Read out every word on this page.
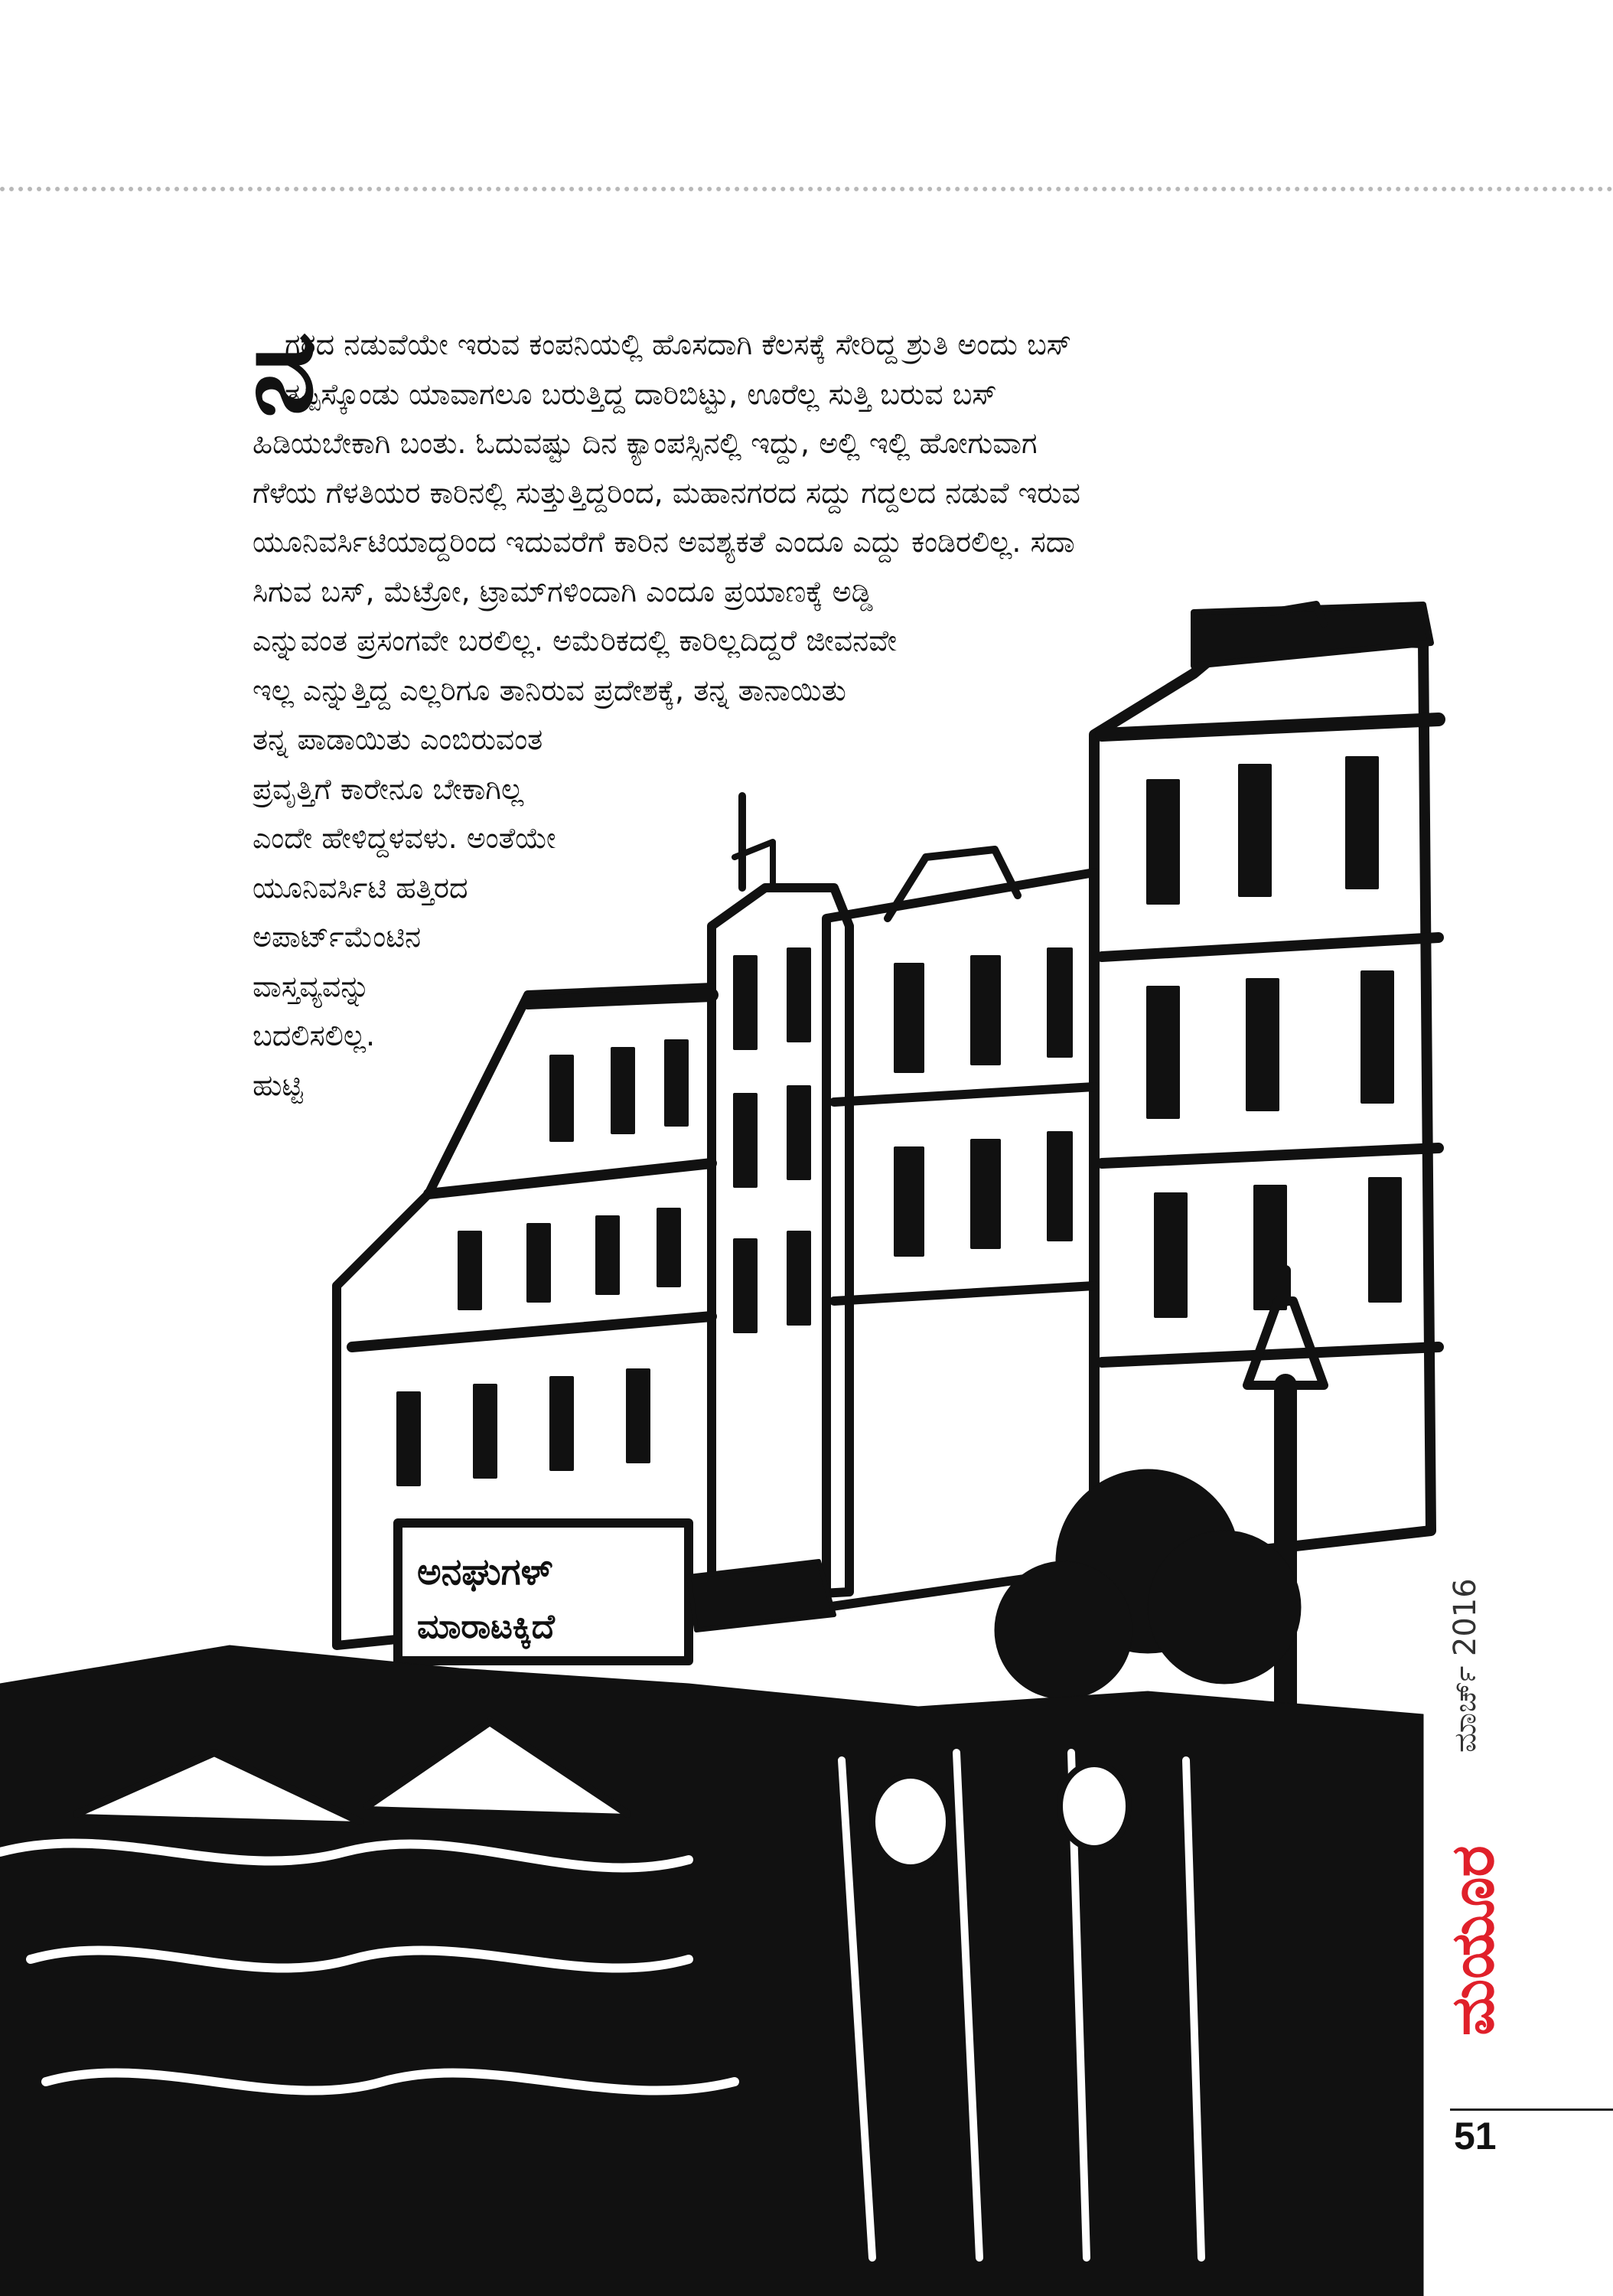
ಅನಘುಗಳ್
ಮಾರಾಟಕ್ಕಿದೆ
ನ
ಗರದ ನಡುವೆಯೇ ಇರುವ ಕಂಪನಿಯಲ್ಲಿ ಹೊಸದಾಗಿ ಕೆಲಸಕ್ಕೆ ಸೇರಿದ್ದ ಶ್ರುತಿ ಅಂದು ಬಸ್
ತಪ್ಪಿಸ್ಕೊಂಡು ಯಾವಾಗಲೂ ಬರುತ್ತಿದ್ದ ದಾರಿಬಿಟ್ಟು, ಊರೆಲ್ಲ ಸುತ್ತಿ ಬರುವ ಬಸ್
ಹಿಡಿಯಬೇಕಾಗಿ ಬಂತು. ಓದುವಷ್ಟು ದಿನ ಕ್ಯಾಂಪಸ್ಸಿನಲ್ಲಿ ಇದ್ದು, ಅಲ್ಲಿ ಇಲ್ಲಿ ಹೋಗುವಾಗ
ಗೆಳೆಯ ಗೆಳತಿಯರ ಕಾರಿನಲ್ಲಿ ಸುತ್ತುತ್ತಿದ್ದರಿಂದ, ಮಹಾನಗರದ ಸದ್ದು ಗದ್ದಲದ ನಡುವೆ ಇರುವ
ಯೂನಿವರ್ಸಿಟಿಯಾದ್ದರಿಂದ ಇದುವರೆಗೆ ಕಾರಿನ ಅವಶ್ಯಕತೆ ಎಂದೂ ಎದ್ದು ಕಂಡಿರಲಿಲ್ಲ. ಸದಾ
ಸಿಗುವ ಬಸ್, ಮೆಟ್ರೋ, ಟ್ರಾಮ್‌ಗಳಿಂದಾಗಿ ಎಂದೂ ಪ್ರಯಾಣಕ್ಕೆ ಅಡ್ಡಿ
ಎನ್ನುವಂತ ಪ್ರಸಂಗವೇ ಬರಲಿಲ್ಲ. ಅಮೆರಿಕದಲ್ಲಿ ಕಾರಿಲ್ಲದಿದ್ದರೆ ಜೀವನವೇ
ಇಲ್ಲ ಎನ್ನುತ್ತಿದ್ದ ಎಲ್ಲರಿಗೂ ತಾನಿರುವ ಪ್ರದೇಶಕ್ಕೆ, ತನ್ನ ತಾನಾಯಿತು
ತನ್ನ ಪಾಡಾಯಿತು ಎಂಬಿರುವಂತ
ಪ್ರವೃತ್ತಿಗೆ ಕಾರೇನೂ ಬೇಕಾಗಿಲ್ಲ
ಎಂದೇ ಹೇಳಿದ್ದಳವಳು. ಅಂತೆಯೇ
ಯೂನಿವರ್ಸಿಟಿ ಹತ್ತಿರದ
ಅಪಾರ್ಟ್‌ಮೆಂಟಿನ
ವಾಸ್ತವ್ಯವನ್ನು
ಬದಲಿಸಲಿಲ್ಲ.
ಹುಟ್ಟಿ
ಮಾರ್ಚ್ 2016
ಮಯೂರ
51
